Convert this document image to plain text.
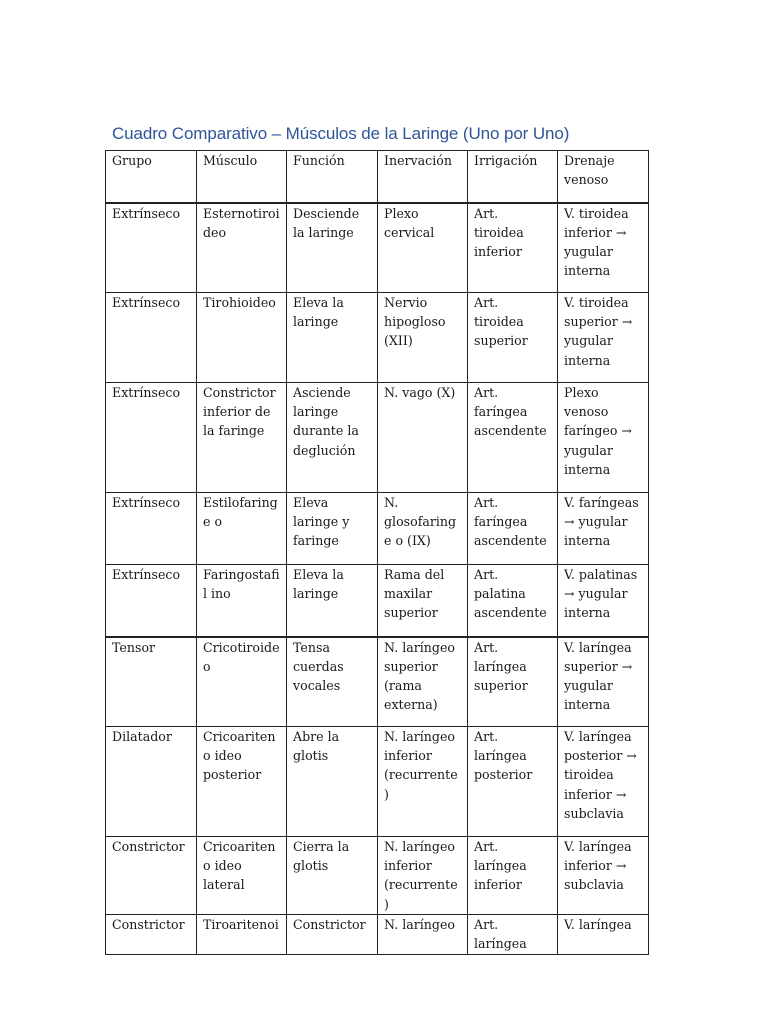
Cuadro Comparativo – Músculos de la Laringe (Uno por Uno)
Grupo	Músculo	Función	Inervación	Irrigación	Drenaje venoso
Extrínseco	Esternotiroi deo	Desciende la laringe	Plexo cervical	Art. tiroidea inferior	V. tiroidea inferior → yugular interna
Extrínseco	Tirohioideo	Eleva la laringe	Nervio hipogloso (XII)	Art. tiroidea superior	V. tiroidea superior → yugular interna
Extrínseco	Constrictor inferior de la faringe	Asciende laringe durante la deglución	N. vago (X)	Art. faríngea ascendente	Plexo venoso faríngeo → yugular interna
Extrínseco	Estilofaringe o	Eleva laringe y faringe	N. glosofaringe o (IX)	Art. faríngea ascendente	V. faríngeas → yugular interna
Extrínseco	Faringostafil ino	Eleva la laringe	Rama del maxilar superior	Art. palatina ascendente	V. palatinas → yugular interna
Tensor	Cricotiroide o	Tensa cuerdas vocales	N. laríngeo superior (rama externa)	Art. laríngea superior	V. laríngea superior → yugular interna
Dilatador	Cricoariteno ideo posterior	Abre la glotis	N. laríngeo inferior (recurrente)	Art. laríngea posterior	V. laríngea posterior → tiroidea inferior → subclavia
Constrictor	Cricoariteno ideo lateral	Cierra la glotis	N. laríngeo inferior (recurrente)	Art. laríngea inferior	V. laríngea inferior → subclavia
Constrictor	Tiroaritenoi	Constrictor	N. laríngeo	Art. laríngea	V. laríngea
